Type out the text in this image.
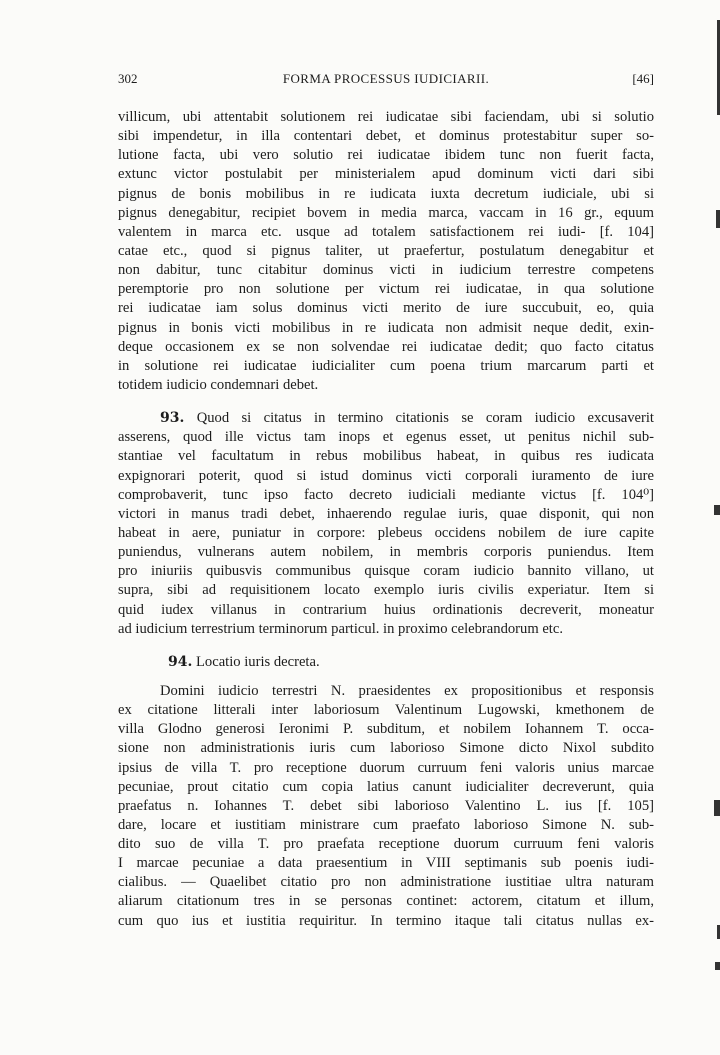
302	FORMA PROCESSUS IUDICIARII.	[46]
villicum, ubi attentabit solutionem rei iudicatae sibi faciendam, ubi si solutio
sibi impendetur, in illa contentari debet, et dominus protestabitur super so-
lutione facta, ubi vero solutio rei iudicatae ibidem tunc non fuerit facta,
extunc victor postulabit per ministerialem apud dominum victi dari sibi
pignus de bonis mobilibus in re iudicata iuxta decretum iudiciale, ubi si
pignus denegabitur, recipiet bovem in media marca, vaccam in 16 gr., equum
valentem in marca etc. usque ad totalem satisfactionem rei iudi- [f. 104]
catae etc., quod si pignus taliter, ut praefertur, postulatum denegabitur et
non dabitur, tunc citabitur dominus victi in iudicium terrestre competens
peremptorie pro non solutione per victum rei iudicatae, in qua solutione
rei iudicatae iam solus dominus victi merito de iure succubuit, eo, quia
pignus in bonis victi mobilibus in re iudicata non admisit neque dedit, exin-
deque occasionem ex se non solvendae rei iudicatae dedit; quo facto citatus
in solutione rei iudicatae iudicialiter cum poena trium marcarum parti et
totidem iudicio condemnari debet.
93. Quod si citatus in termino citationis se coram iudicio excusaverit
asserens, quod ille victus tam inops et egenus esset, ut penitus nichil sub-
stantiae vel facultatum in rebus mobilibus habeat, in quibus res iudicata
expignorari poterit, quod si istud dominus victi corporali iuramento de iure
comprobaverit, tunc ipso facto decreto iudiciali mediante victus [f. 104⁰]
victori in manus tradi debet, inhaerendo regulae iuris, quae disponit, qui non
habeat in aere, puniatur in corpore: plebeus occidens nobilem de iure capite
puniendus, vulnerans autem nobilem, in membris corporis puniendus. Item
pro iniuriis quibusvis communibus quisque coram iudicio bannito villano, ut
supra, sibi ad requisitionem locato exemplo iuris civilis experiatur. Item si
quid iudex villanus in contrarium huius ordinationis decreverit, moneatur
ad iudicium terrestrium terminorum particul. in proximo celebrandorum etc.
94. Locatio iuris decreta.
Domini iudicio terrestri N. praesidentes ex propositionibus et responsis
ex citatione litterali inter laboriosum Valentinum Lugowski, kmethonem de
villa Glodno generosi Ieronimi P. subditum, et nobilem Iohannem T. occa-
sione non administrationis iuris cum laborioso Simone dicto Nixol subdito
ipsius de villa T. pro receptione duorum curruum feni valoris unius marcae
pecuniae, prout citatio cum copia latius canunt iudicialiter decreverunt, quia
praefatus n. Iohannes T. debet sibi laborioso Valentino L. ius [f. 105]
dare, locare et iustitiam ministrare cum praefato laborioso Simone N. sub-
dito suo de villa T. pro praefata receptione duorum curruum feni valoris
I marcae pecuniae a data praesentium in VIII septimanis sub poenis iudi-
cialibus. — Quaelibet citatio pro non administratione iustitiae ultra naturam
aliarum citationum tres in se personas continet: actorem, citatum et illum,
cum quo ius et iustitia requiritur. In termino itaque tali citatus nullas ex-
